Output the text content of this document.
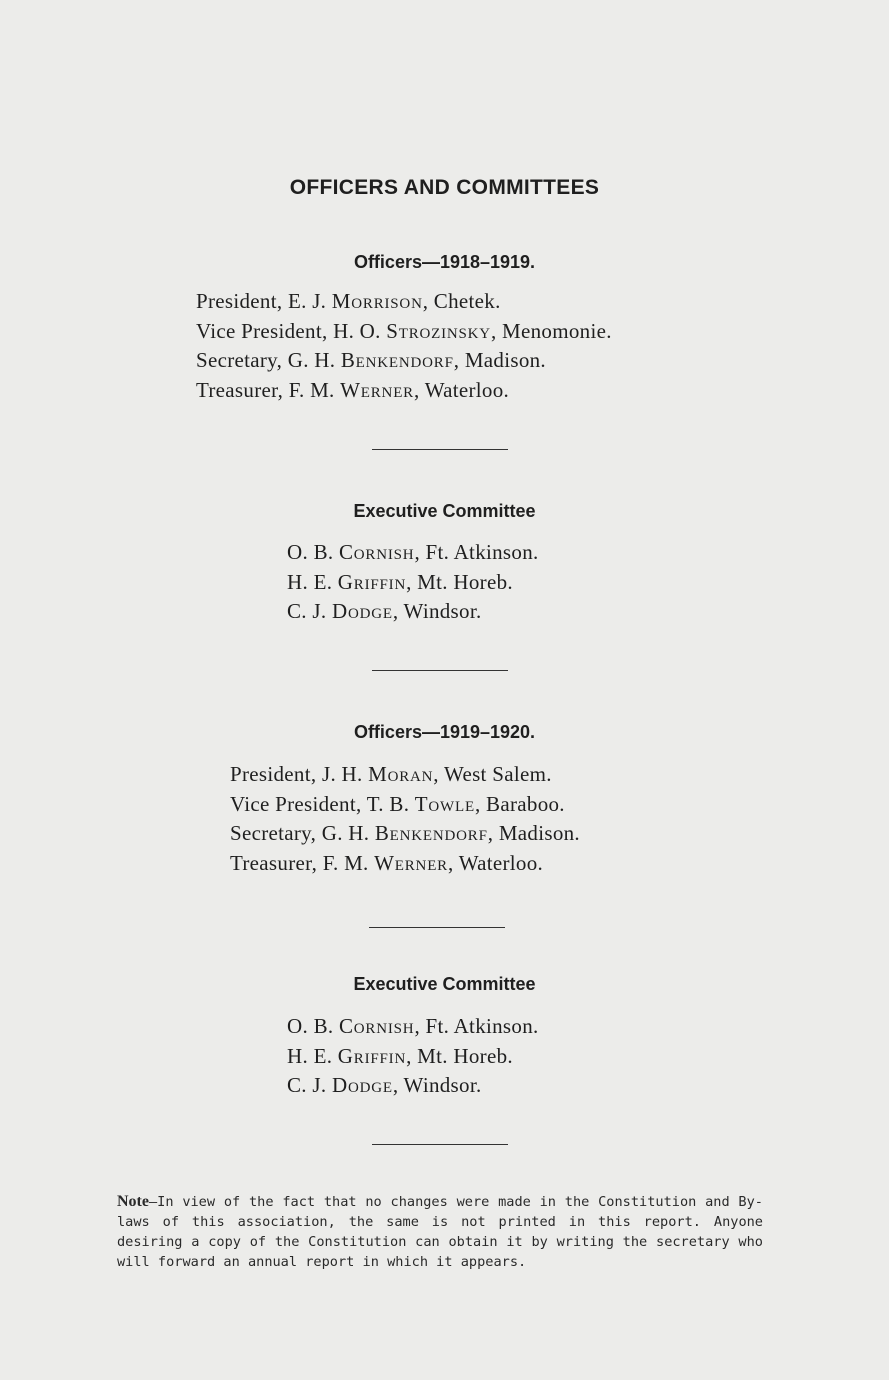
OFFICERS AND COMMITTEES
Officers—1918–1919.
President, E. J. Morrison, Chetek.
Vice President, H. O. Strozinsky, Menomonie.
Secretary, G. H. Benkendorf, Madison.
Treasurer, F. M. Werner, Waterloo.
Executive Committee
O. B. Cornish, Ft. Atkinson.
H. E. Griffin, Mt. Horeb.
C. J. Dodge, Windsor.
Officers—1919–1920.
President, J. H. Moran, West Salem.
Vice President, T. B. Towle, Baraboo.
Secretary, G. H. Benkendorf, Madison.
Treasurer, F. M. Werner, Waterloo.
Executive Committee
O. B. Cornish, Ft. Atkinson.
H. E. Griffin, Mt. Horeb.
C. J. Dodge, Windsor.
Note—In view of the fact that no changes were made in the Constitution and By-laws of this association, the same is not printed in this report. Anyone desiring a copy of the Constitution can obtain it by writing the secretary who will forward an annual report in which it appears.
